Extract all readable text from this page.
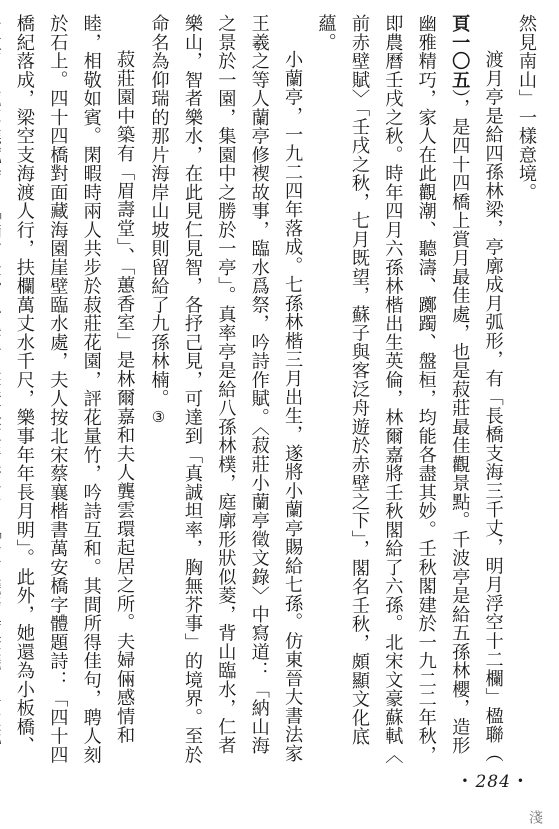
然見南山」一樣意境。
渡月亭是給四孫林梁，亭廓成月弧形，有「長橋支海三千丈，明月浮空十二欄」楹聯（
頁一〇五），是四十四橋上賞月最佳處，也是菽莊最佳觀景點。千波亭是給五孫林櫻，造形
幽雅精巧，家人在此觀潮、聽濤、躑躅、盤桓，均能各盡其妙。壬秋閣建於一九二二年秋，
即農曆壬戌之秋。時年四月六孫林楷出生英倫，林爾嘉將壬秋閣給了六孫。北宋文豪蘇軾〈
前赤壁賦〉「壬戌之秋，七月既望，蘇子與客泛舟遊於赤壁之下」，閣名壬秋，頗顯文化底
蘊。
小蘭亭，一九二四年落成。七孫林楷三月出生，遂將小蘭亭賜給七孫。仿東晉大書法家
王羲之等人蘭亭修褉故事，臨水爲祭，吟詩作賦。〈菽莊小蘭亭徵文錄〉中寫道：「納山海
之景於一園，集園中之勝於一亭」。真率亭是給八孫林樸，庭廓形狀似菱，背山臨水，仁者
樂山，智者樂水，在此見仁見智，各抒己見，可達到「真誠坦率，胸無芥事」的境界。至於
命名為仰瑞的那片海岸山坡則留給了九孫林楠。③
菽莊園中築有「眉壽堂」、「蕙香室」是林爾嘉和夫人龔雲環起居之所。夫婦倆感情和
睦，相敬如賓。閑暇時兩人共步於菽莊花園，評花量竹，吟詩互和。其間所得佳句，聘人刻
於石上。四十四橋對面藏海園崖壁臨水處，夫人按北宋蔡襄楷書萬安橋字體題詩：「四十四
橋紀落成，梁空支海渡人行，扶欄萬丈水千尺，樂事年年長月明」。此外，她還為小板橋、
• 284 •
淺
